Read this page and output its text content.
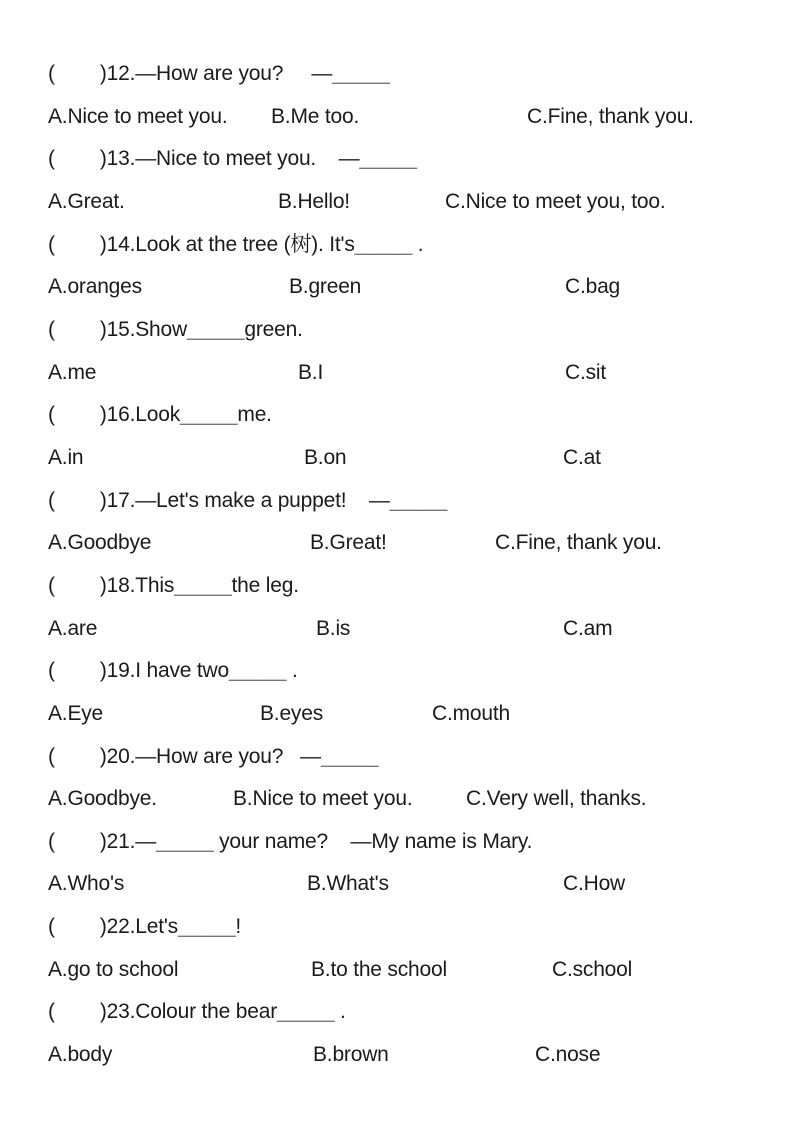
(        )12.—How are you?     —_____
A.Nice to meet you. B.Me too.	C.Fine, thank you.
(        )13.—Nice to meet you.    —_____
A.Great.	B.Hello!	C.Nice to meet you, too.
(        )14.Look at the tree (树). It's_____ .
A.oranges	B.green	C.bag
(        )15.Show_____green.
A.me	B.I	C.sit
(        )16.Look_____me.
A.in	B.on	C.at
(        )17.—Let's make a puppet!    —_____
A.Goodbye	B.Great!	C.Fine, thank you.
(        )18.This_____the leg.
A.are	B.is	C.am
(        )19.I have two_____ .
A.Eye	B.eyes	C.mouth
(        )20.—How are you?   —_____
A.Goodbye.	B.Nice to meet you.	C.Very well, thanks.
(        )21.—_____ your name?    —My name is Mary.
A.Who's	B.What's	C.How
(        )22.Let's_____!
A.go to school	B.to the school	C.school
(        )23.Colour the bear_____ .
A.body	B.brown	C.nose
